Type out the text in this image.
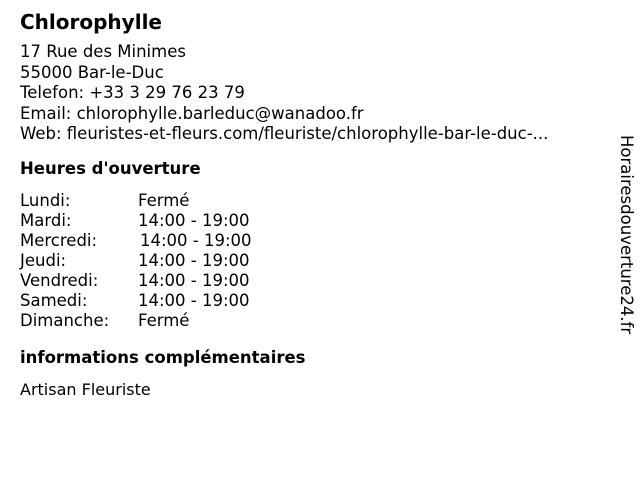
Chlorophylle
17 Rue des Minimes
55000 Bar-le-Duc
Telefon: +33 3 29 76 23 79
Email: chlorophylle.barleduc@wanadoo.fr
Web: fleuristes-et-fleurs.com/fleuriste/chlorophylle-bar-le-duc-...
Heures d'ouverture
Lundi:	Fermé
Mardi:	14:00 - 19:00
Mercredi:	14:00 - 19:00
Jeudi:	14:00 - 19:00
Vendredi:	14:00 - 19:00
Samedi:	14:00 - 19:00
Dimanche:	Fermé
informations complémentaires
Artisan Fleuriste
Horairesdouverture24.fr
